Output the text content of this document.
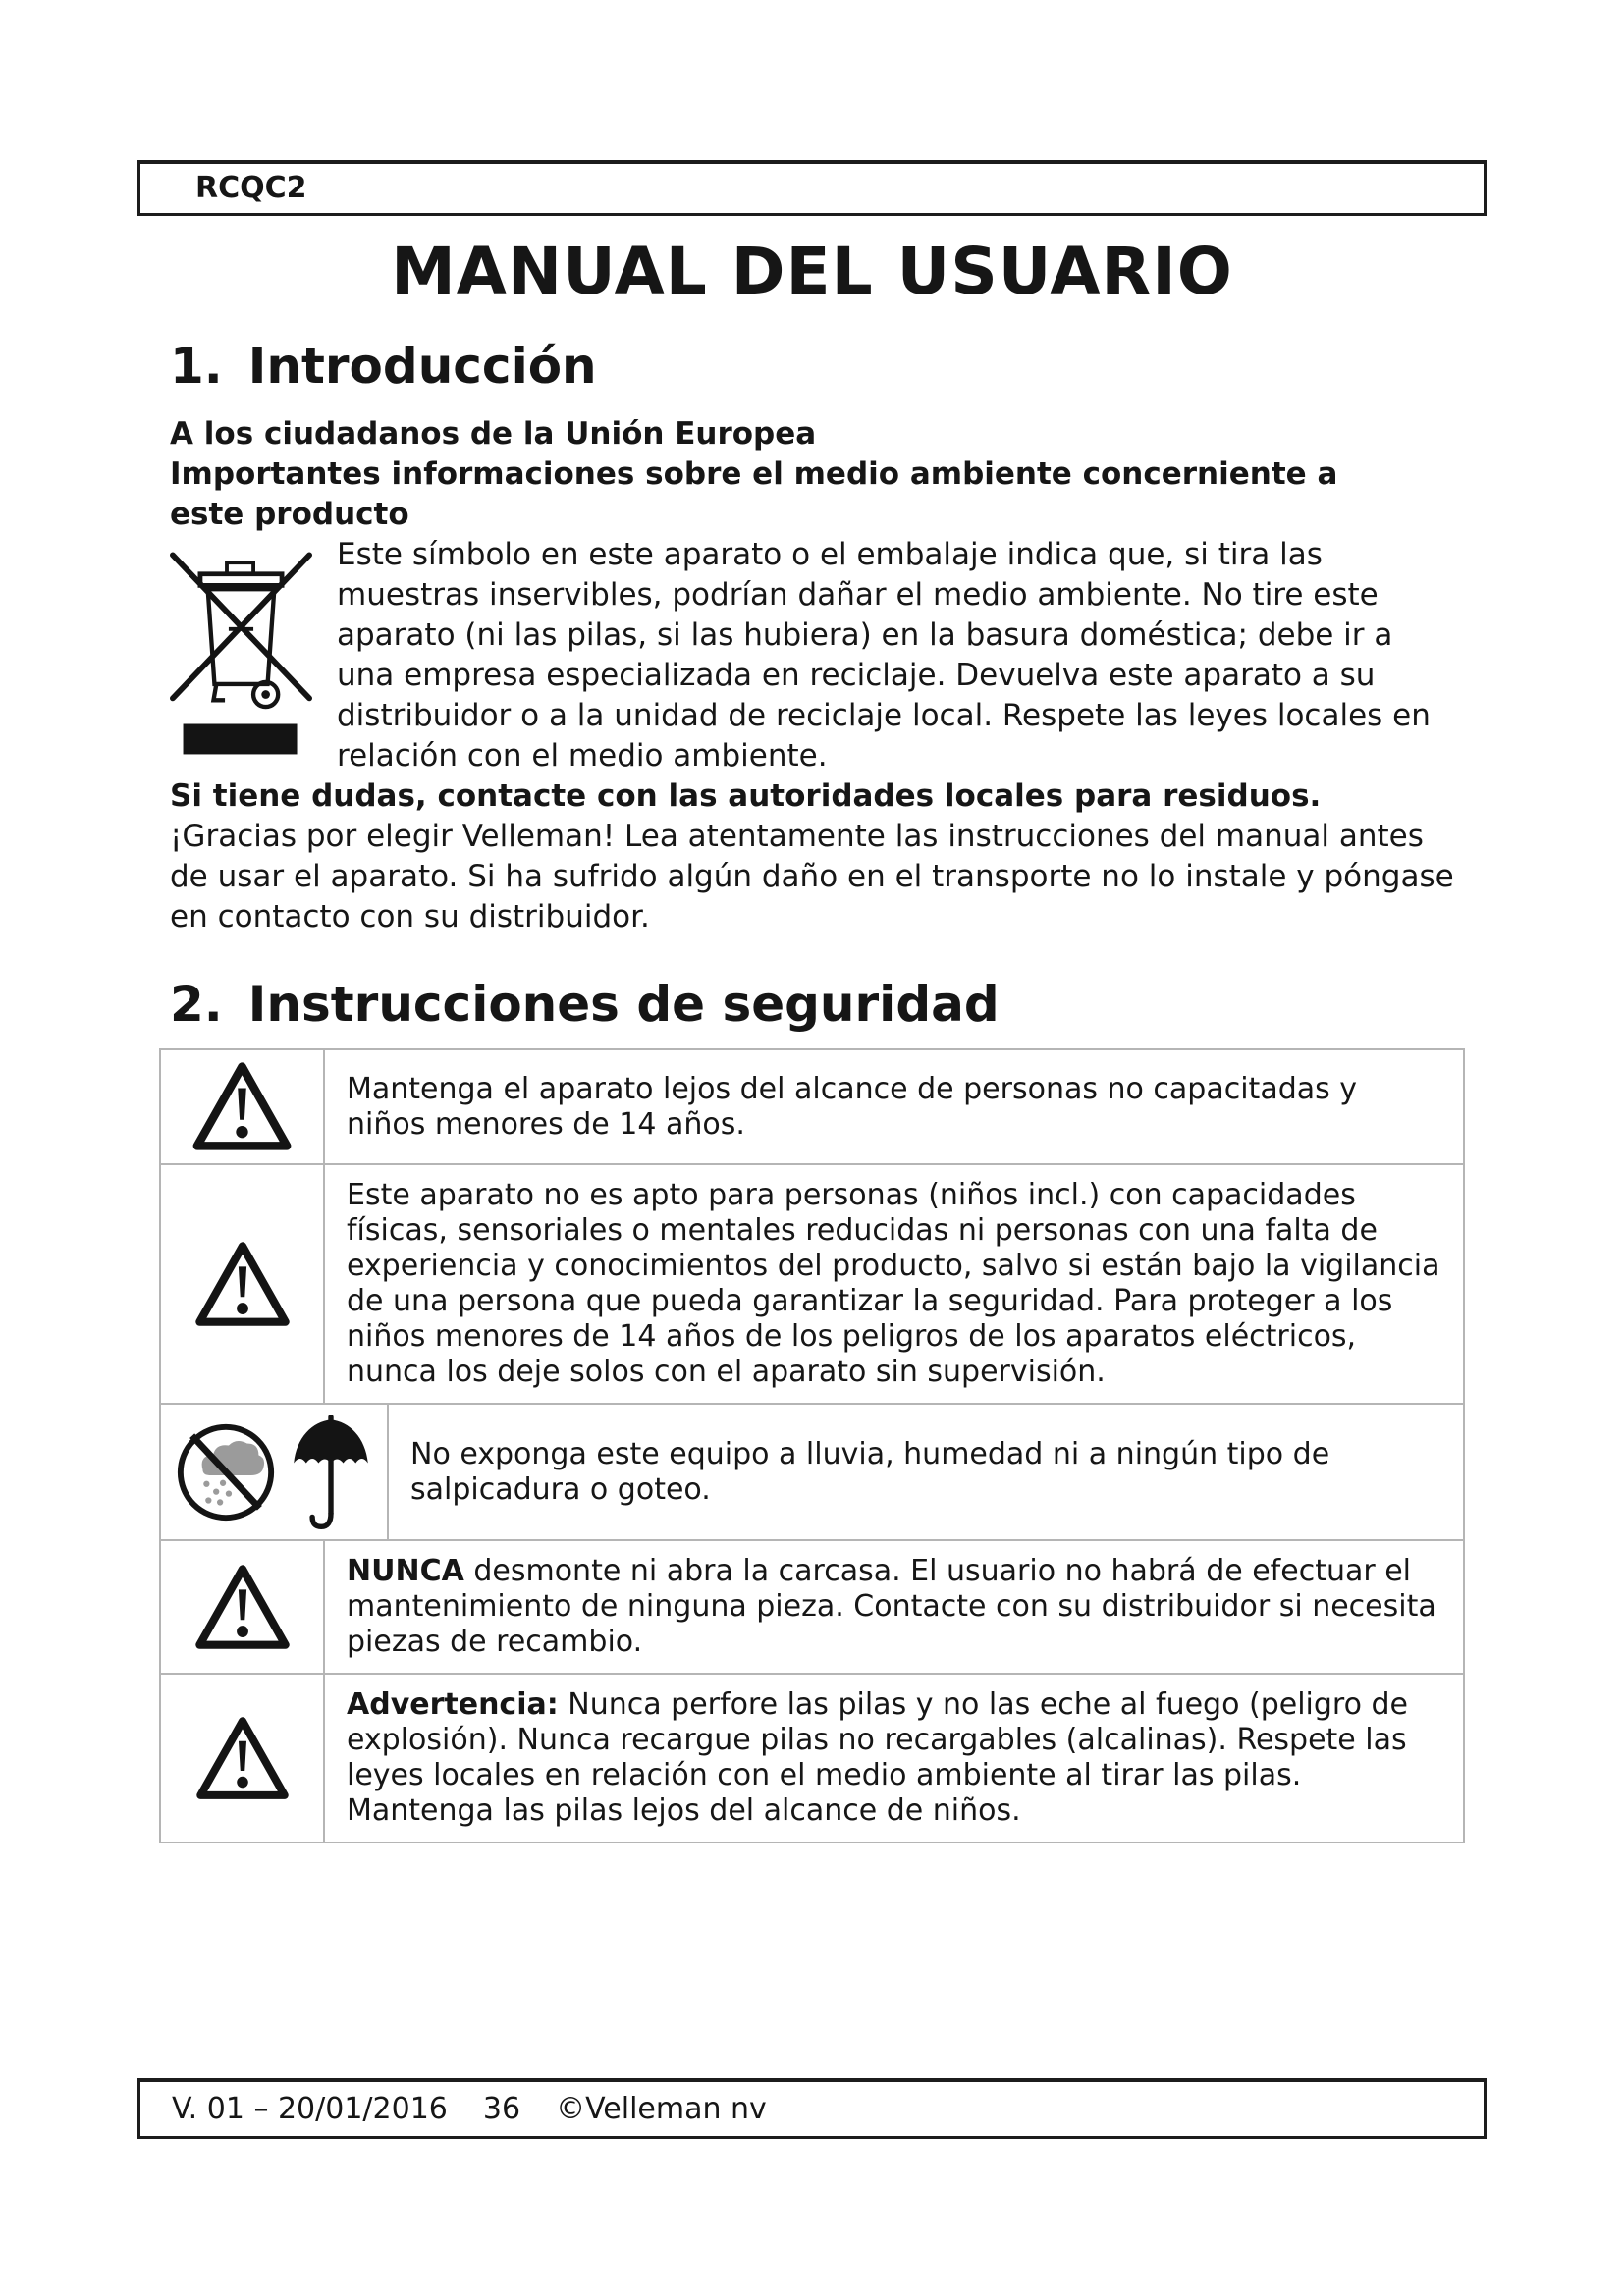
RCQC2
MANUAL DEL USUARIO
1. Introducción

A los ciudadanos de la Unión Europea

Importantes informaciones sobre el medio ambiente concerniente a este producto

Este símbolo en este aparato o el embalaje indica que, si tira las muestras inservibles, podrían dañar el medio ambiente. No tire este aparato (ni las pilas, si las hubiera) en la basura doméstica; debe ir a una empresa especializada en reciclaje. Devuelva este aparato a su distribuidor o a la unidad de reciclaje local. Respete las leyes locales en relación con el medio ambiente.

Si tiene dudas, contacte con las autoridades locales para residuos.

¡Gracias por elegir Velleman! Lea atentamente las instrucciones del manual antes de usar el aparato. Si ha sufrido algún daño en el transporte no lo instale y póngase en contacto con su distribuidor.

2. Instrucciones de seguridad
Mantenga el aparato lejos del alcance de personas no capacitadas y niños menores de 14 años.
Este aparato no es apto para personas (niños incl.) con capacidades físicas, sensoriales o mentales reducidas ni personas con una falta de experiencia y conocimientos del producto, salvo si están bajo la vigilancia de una persona que pueda garantizar la seguridad. Para proteger a los niños menores de 14 años de los peligros de los aparatos eléctricos, nunca los deje solos con el aparato sin supervisión.
No exponga este equipo a lluvia, humedad ni a ningún tipo de salpicadura o goteo.
NUNCA desmonte ni abra la carcasa. El usuario no habrá de efectuar el mantenimiento de ninguna pieza. Contacte con su distribuidor si necesita piezas de recambio.
Advertencia: Nunca perfore las pilas y no las eche al fuego (peligro de explosión). Nunca recargue pilas no recargables (alcalinas). Respete las leyes locales en relación con el medio ambiente al tirar las pilas. Mantenga las pilas lejos del alcance de niños.
V. 01 – 20/01/2016 36 ©Velleman nv
